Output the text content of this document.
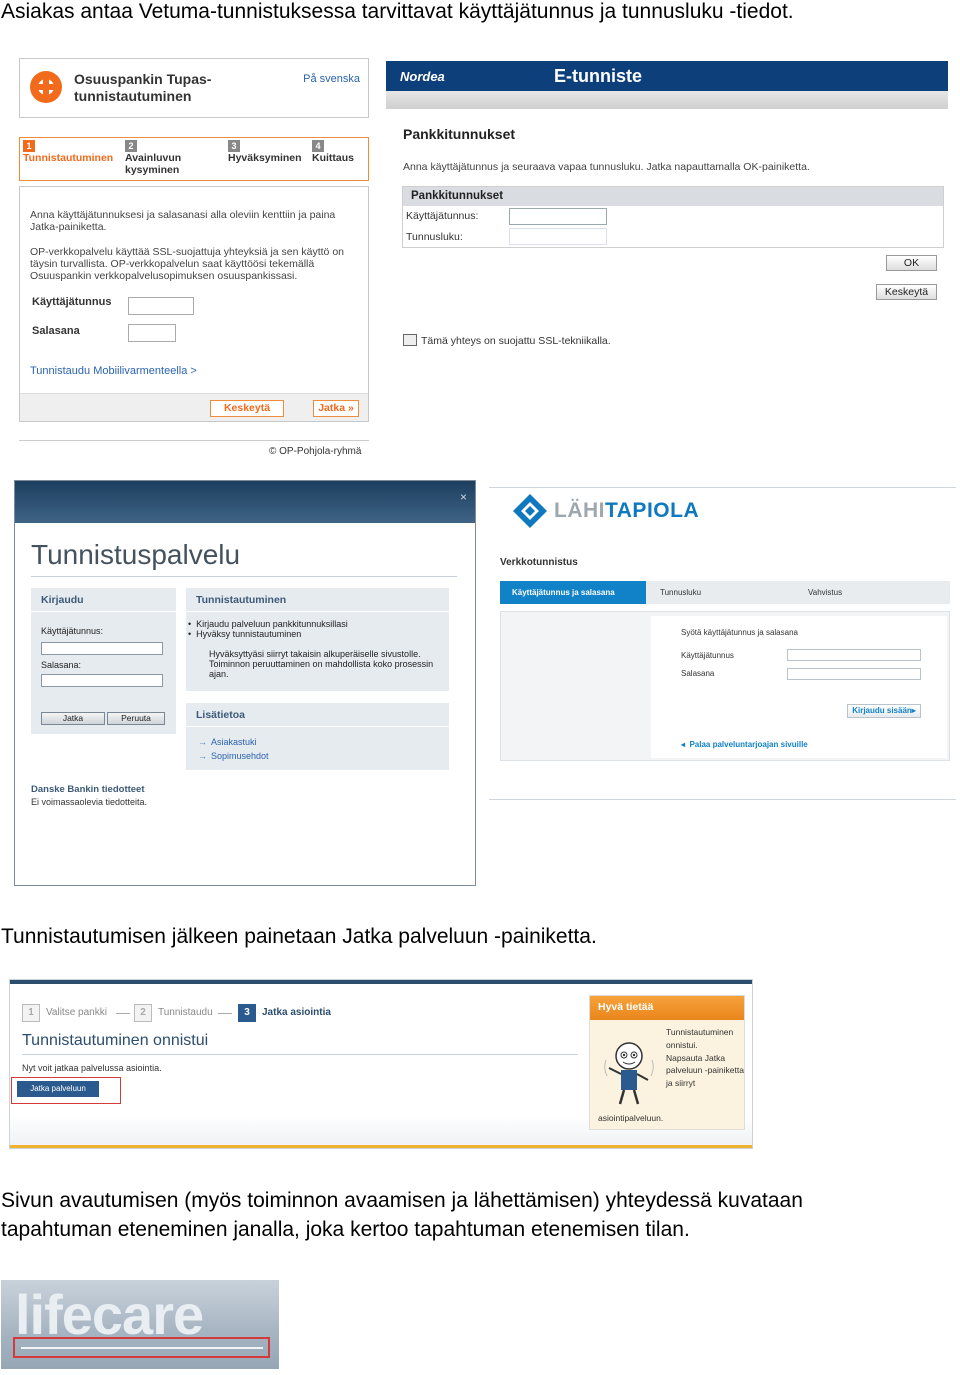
Asiakas antaa Vetuma-tunnistuksessa tarvittavat käyttäjätunnus ja tunnusluku -tiedot.
Tunnistautumisen jälkeen painetaan Jatka palveluun -painiketta.
Sivun avautumisen (myös toiminnon avaamisen ja lähettämisen) yhteydessä kuvataan
tapahtuman eteneminen janalla, joka kertoo tapahtuman etenemisen tilan.
Osuuspankin Tupas-tunnistautuminen
På svenska
1
Tunnistautuminen
2
Avainluvun kysyminen
3
Hyväksyminen
4
Kuittaus
Anna käyttäjätunnuksesi ja salasanasi alla oleviin kenttiin ja paina Jatka-painiketta.
OP-verkkopalvelu käyttää SSL-suojattuja yhteyksiä ja sen käyttö on täysin turvallista. OP-verkkopalvelun saat käyttöösi tekemällä Osuuspankin verkkopalvelusopimuksen osuuspankissasi.
Käyttäjätunnus
Salasana
Tunnistaudu Mobiilivarmenteella >
Keskeytä	Jatka »
© OP-Pohjola-ryhmä
Nordea	E-tunniste
Pankkitunnukset
Anna käyttäjätunnus ja seuraava vapaa tunnusluku. Jatka napauttamalla OK-painiketta.
Pankkitunnukset
Käyttäjätunnus:
Tunnusluku:
OK
Keskeytä
Tämä yhteys on suojattu SSL-tekniikalla.
×
Tunnistuspalvelu
Kirjaudu
Käyttäjätunnus:
Salasana:
Jatka	Peruuta
Tunnistautuminen
•  Kirjaudu palveluun pankkitunnuksillasi
•  Hyväksy tunnistautuminen
Hyväksyttyäsi siirryt takaisin alkuperäiselle sivustolle. Toiminnon peruuttaminen on mahdollista koko prosessin ajan.
Lisätietoa
→ Asiakastuki
→ Sopimusehdot
Danske Bankin tiedotteet
Ei voimassaolevia tiedotteita.
LÄHITAPIOLA
Verkkotunnistus
Käyttäjätunnus ja salasana	Tunnusluku	Vahvistus
Syötä käyttäjätunnus ja salasana
Käyttäjätunnus
Salasana
Kirjaudu sisään▸
◂  Palaa palveluntarjoajan sivuille
1 Valitse pankki	2 Tunnistaudu	3 Jatka asiointia
Tunnistautuminen onnistui
Nyt voit jatkaa palvelussa asiointia.
Jatka palveluun
Hyvä tietää
Tunnistautuminen onnistui.
Napsauta Jatka palveluun -painiketta ja siirryt
asiointipalveluun.
lifecare
